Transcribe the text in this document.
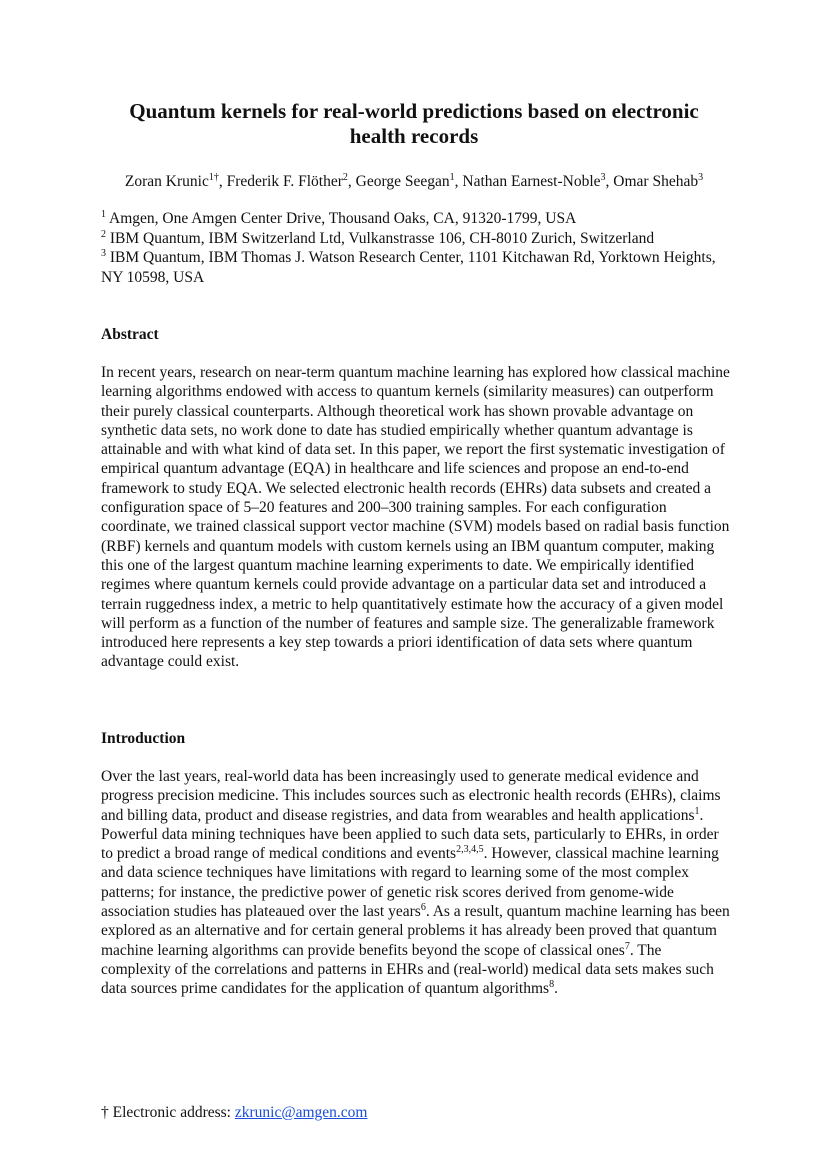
Quantum kernels for real-world predictions based on electronic
health records
Zoran Krunic$^{1\dagger}$, Frederik F. Flöther$^2$, George Seegan$^1$, Nathan Earnest-Noble$^3$, Omar Shehab$^3$
$^1$ Amgen, One Amgen Center Drive, Thousand Oaks, CA, 91320-1799, USA
$^2$ IBM Quantum, IBM Switzerland Ltd, Vulkanstrasse 106, CH-8010 Zurich, Switzerland
$^3$ IBM Quantum, IBM Thomas J. Watson Research Center, 1101 Kitchawan Rd, Yorktown Heights, NY 10598, USA
Abstract

In recent years, research on near-term quantum machine learning has explored how classical machine learning algorithms endowed with access to quantum kernels (similarity measures) can outperform their purely classical counterparts. Although theoretical work has shown provable advantage on synthetic data sets, no work done to date has studied empirically whether quantum advantage is attainable and with what kind of data set. In this paper, we report the first systematic investigation of empirical quantum advantage (EQA) in healthcare and life sciences and propose an end-to-end framework to study EQA. We selected electronic health records (EHRs) data subsets and created a configuration space of 5–20 features and 200–300 training samples. For each configuration coordinate, we trained classical support vector machine (SVM) models based on radial basis function (RBF) kernels and quantum models with custom kernels using an IBM quantum computer, making this one of the largest quantum machine learning experiments to date. We empirically identified regimes where quantum kernels could provide advantage on a particular data set and introduced a terrain ruggedness index, a metric to help quantitatively estimate how the accuracy of a given model will perform as a function of the number of features and sample size. The generalizable framework introduced here represents a key step towards a priori identification of data sets where quantum advantage could exist.

Introduction

Over the last years, real-world data has been increasingly used to generate medical evidence and progress precision medicine. This includes sources such as electronic health records (EHRs), claims and billing data, product and disease registries, and data from wearables and health applications$^1$. Powerful data mining techniques have been applied to such data sets, particularly to EHRs, in order to predict a broad range of medical conditions and events$^{2,3,4,5}$. However, classical machine learning and data science techniques have limitations with regard to learning some of the most complex patterns; for instance, the predictive power of genetic risk scores derived from genome-wide association studies has plateaued over the last years$^6$. As a result, quantum machine learning has been explored as an alternative and for certain general problems it has already been proved that quantum machine learning algorithms can provide benefits beyond the scope of classical ones$^7$. The complexity of the correlations and patterns in EHRs and (real-world) medical data sets makes such data sources prime candidates for the application of quantum algorithms$^8$.

† Electronic address: zkrunic@amgen.com
